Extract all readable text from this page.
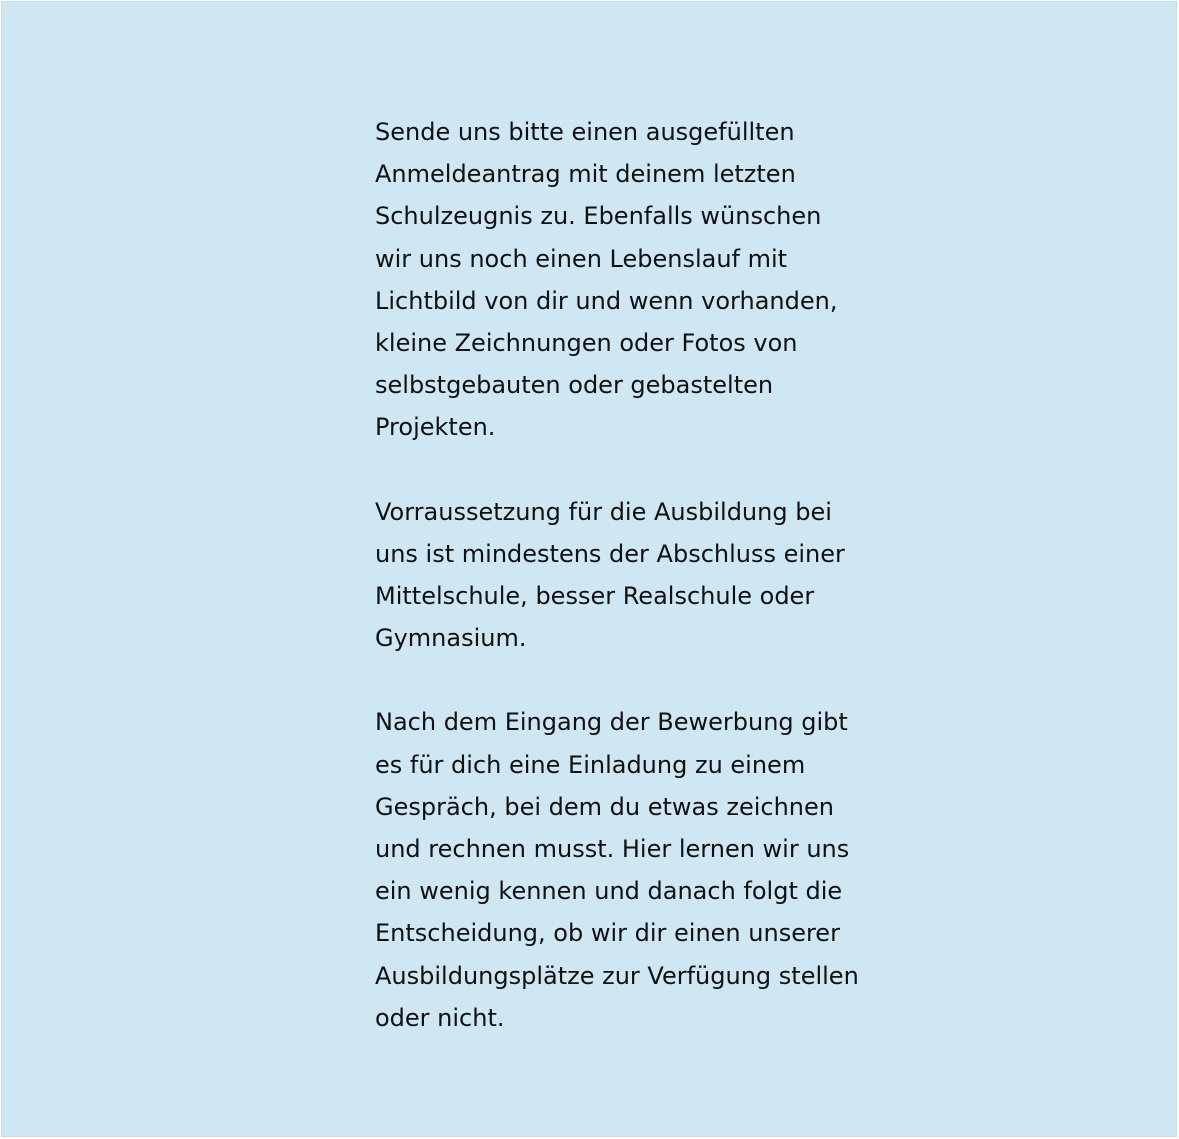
Sende uns bitte einen ausgefüllten
Anmeldeantrag mit deinem letzten
Schulzeugnis zu. Ebenfalls wünschen
wir uns noch einen Lebenslauf mit
Lichtbild von dir und wenn vorhanden,
kleine Zeichnungen oder Fotos von
selbstgebauten oder gebastelten
Projekten.

Vorraussetzung für die Ausbildung bei
uns ist mindestens der Abschluss einer
Mittelschule, besser Realschule oder
Gymnasium.

Nach dem Eingang der Bewerbung gibt
es für dich eine Einladung zu einem
Gespräch, bei dem du etwas zeichnen
und rechnen musst. Hier lernen wir uns
ein wenig kennen und danach folgt die
Entscheidung, ob wir dir einen unserer
Ausbildungsplätze zur Verfügung stellen
oder nicht.
